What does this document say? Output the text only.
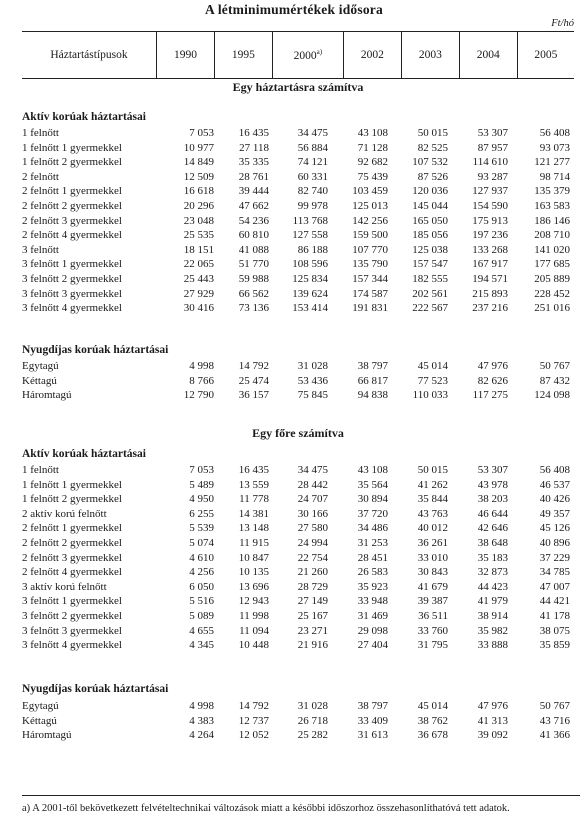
A létminimumértékek idősora
Ft/hó
Háztartástípusok	1990	1995	2000$^{a)}$	2002	2003	2004	2005
Egy háztartásra számítva
Aktív korúak háztartásai
1 felnőtt	7 053	16 435	34 475	43 108	50 015	53 307	56 408
1 felnőtt 1 gyermekkel	10 977	27 118	56 884	71 128	82 525	87 957	93 073
1 felnőtt 2 gyermekkel	14 849	35 335	74 121	92 682	107 532	114 610	121 277
2 felnőtt	12 509	28 761	60 331	75 439	87 526	93 287	98 714
2 felnőtt 1 gyermekkel	16 618	39 444	82 740	103 459	120 036	127 937	135 379
2 felnőtt 2 gyermekkel	20 296	47 662	99 978	125 013	145 044	154 590	163 583
2 felnőtt 3 gyermekkel	23 048	54 236	113 768	142 256	165 050	175 913	186 146
2 felnőtt 4 gyermekkel	25 535	60 810	127 558	159 500	185 056	197 236	208 710
3 felnőtt	18 151	41 088	86 188	107 770	125 038	133 268	141 020
3 felnőtt 1 gyermekkel	22 065	51 770	108 596	135 790	157 547	167 917	177 685
3 felnőtt 2 gyermekkel	25 443	59 988	125 834	157 344	182 555	194 571	205 889
3 felnőtt 3 gyermekkel	27 929	66 562	139 624	174 587	202 561	215 893	228 452
3 felnőtt 4 gyermekkel	30 416	73 136	153 414	191 831	222 567	237 216	251 016
Nyugdíjas korúak háztartásai
Egytagú	4 998	14 792	31 028	38 797	45 014	47 976	50 767
Kéttagú	8 766	25 474	53 436	66 817	77 523	82 626	87 432
Háromtagú	12 790	36 157	75 845	94 838	110 033	117 275	124 098
Egy főre számítva
Aktív korúak háztartásai
1 felnőtt	7 053	16 435	34 475	43 108	50 015	53 307	56 408
1 felnőtt 1 gyermekkel	5 489	13 559	28 442	35 564	41 262	43 978	46 537
1 felnőtt 2 gyermekkel	4 950	11 778	24 707	30 894	35 844	38 203	40 426
2 aktív korú felnőtt	6 255	14 381	30 166	37 720	43 763	46 644	49 357
2 felnőtt 1 gyermekkel	5 539	13 148	27 580	34 486	40 012	42 646	45 126
2 felnőtt 2 gyermekkel	5 074	11 915	24 994	31 253	36 261	38 648	40 896
2 felnőtt 3 gyermekkel	4 610	10 847	22 754	28 451	33 010	35 183	37 229
2 felnőtt 4 gyermekkel	4 256	10 135	21 260	26 583	30 843	32 873	34 785
3 aktív korú felnőtt	6 050	13 696	28 729	35 923	41 679	44 423	47 007
3 felnőtt 1 gyermekkel	5 516	12 943	27 149	33 948	39 387	41 979	44 421
3 felnőtt 2 gyermekkel	5 089	11 998	25 167	31 469	36 511	38 914	41 178
3 felnőtt 3 gyermekkel	4 655	11 094	23 271	29 098	33 760	35 982	38 075
3 felnőtt 4 gyermekkel	4 345	10 448	21 916	27 404	31 795	33 888	35 859
Nyugdíjas korúak háztartásai
Egytagú	4 998	14 792	31 028	38 797	45 014	47 976	50 767
Kéttagú	4 383	12 737	26 718	33 409	38 762	41 313	43 716
Háromtagú	4 264	12 052	25 282	31 613	36 678	39 092	41 366
a) A 2001-től bekövetkezett felvételtechnikai változások miatt a későbbi időszorhoz összehasonlíthatóvá tett adatok.
